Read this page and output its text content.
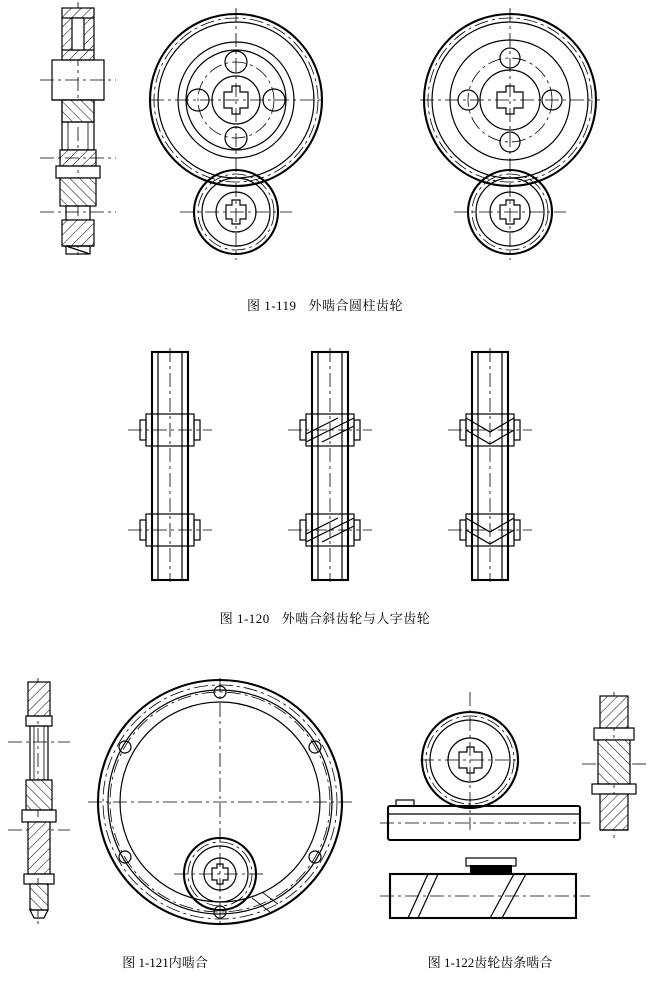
图 1-119 外啮合圆柱齿轮
图 1-120 外啮合斜齿轮与人字齿轮
图 1-121内啮合	图 1-122齿轮齿条啮合
